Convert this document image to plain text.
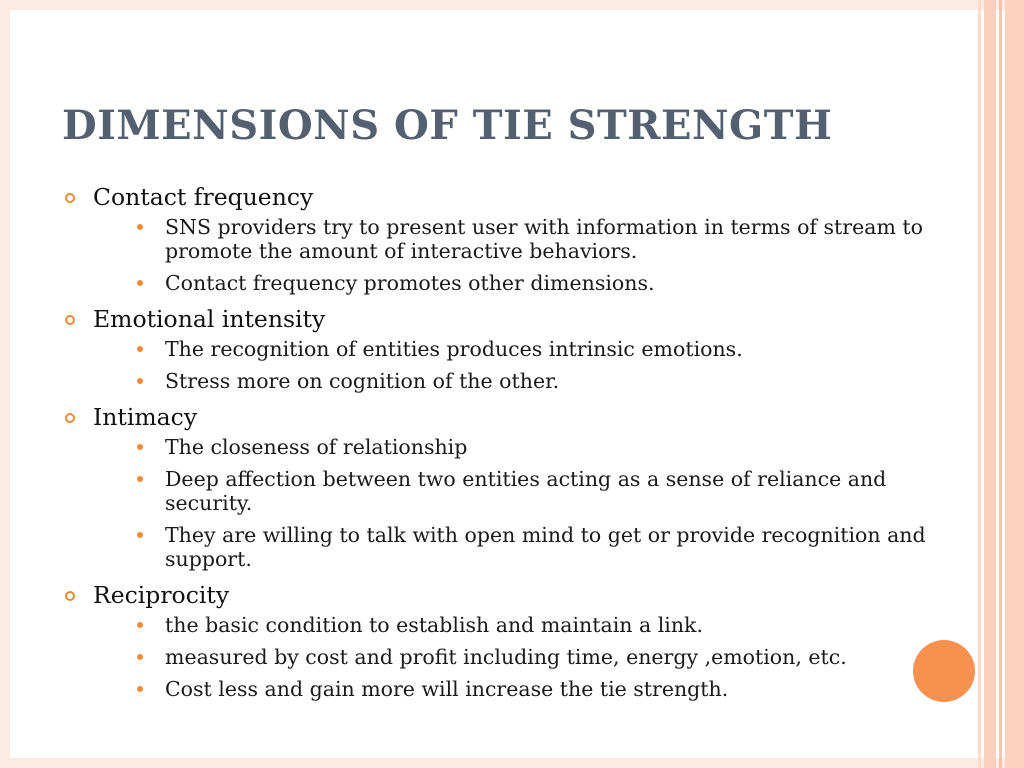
DIMENSIONS OF TIE STRENGTH
Contact frequency
SNS providers try to present user with information in terms of stream to promote the amount of interactive behaviors.
Contact frequency promotes other dimensions.
Emotional intensity
The recognition of entities produces intrinsic emotions.
Stress more on cognition of the other.
Intimacy
The closeness of relationship
Deep affection between two entities acting as a sense of reliance and security.
They are willing to talk with open mind to get or provide recognition and support.
Reciprocity
the basic condition to establish and maintain a link.
measured by cost and profit including time, energy ,emotion, etc.
Cost less and gain more will increase the tie strength.
